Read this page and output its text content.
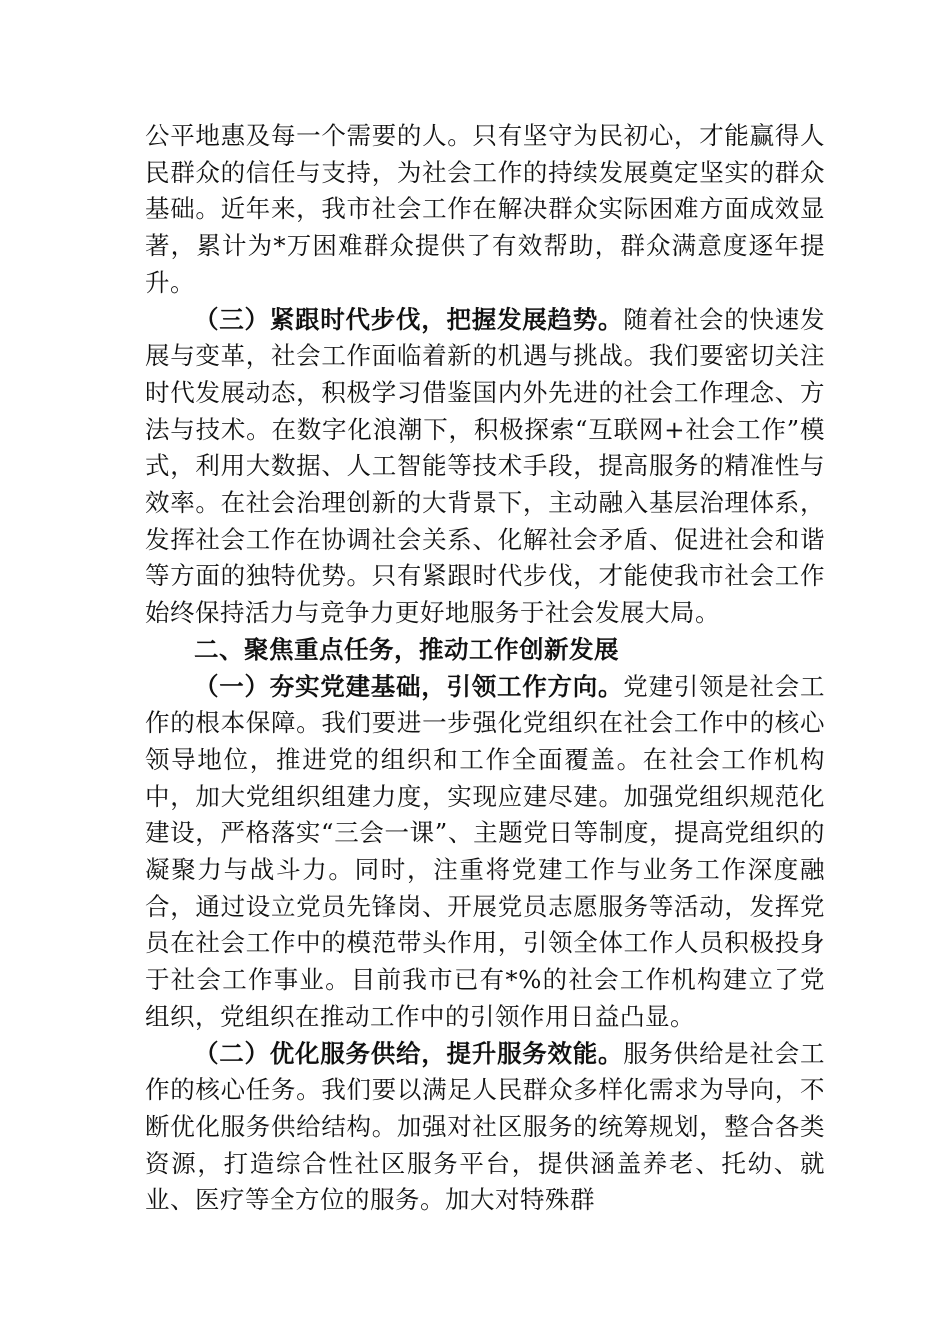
公平地惠及每一个需要的人。只有坚守为民初心，才能赢得人民群众的信任与支持，为社会工作的持续发展奠定坚实的群众基础。近年来，我市社会工作在解决群众实际困难方面成效显著，累计为*万困难群众提供了有效帮助，群众满意度逐年提升。

（三）紧跟时代步伐，把握发展趋势。随着社会的快速发展与变革，社会工作面临着新的机遇与挑战。我们要密切关注时代发展动态，积极学习借鉴国内外先进的社会工作理念、方法与技术。在数字化浪潮下，积极探索“互联网+社会工作”模式，利用大数据、人工智能等技术手段，提高服务的精准性与效率。在社会治理创新的大背景下，主动融入基层治理体系，发挥社会工作在协调社会关系、化解社会矛盾、促进社会和谐等方面的独特优势。只有紧跟时代步伐，才能使我市社会工作始终保持活力与竞争力更好地服务于社会发展大局。

二、聚焦重点任务，推动工作创新发展

（一）夯实党建基础，引领工作方向。党建引领是社会工作的根本保障。我们要进一步强化党组织在社会工作中的核心领导地位，推进党的组织和工作全面覆盖。在社会工作机构中，加大党组织组建力度，实现应建尽建。加强党组织规范化建设，严格落实“三会一课”、主题党日等制度，提高党组织的凝聚力与战斗力。同时，注重将党建工作与业务工作深度融合，通过设立党员先锋岗、开展党员志愿服务等活动，发挥党员在社会工作中的模范带头作用，引领全体工作人员积极投身于社会工作事业。目前我市已有*%的社会工作机构建立了党组织，党组织在推动工作中的引领作用日益凸显。

（二）优化服务供给，提升服务效能。服务供给是社会工作的核心任务。我们要以满足人民群众多样化需求为导向，不断优化服务供给结构。加强对社区服务的统筹规划，整合各类资源，打造综合性社区服务平台，提供涵盖养老、托幼、就业、医疗等全方位的服务。加大对特殊群
